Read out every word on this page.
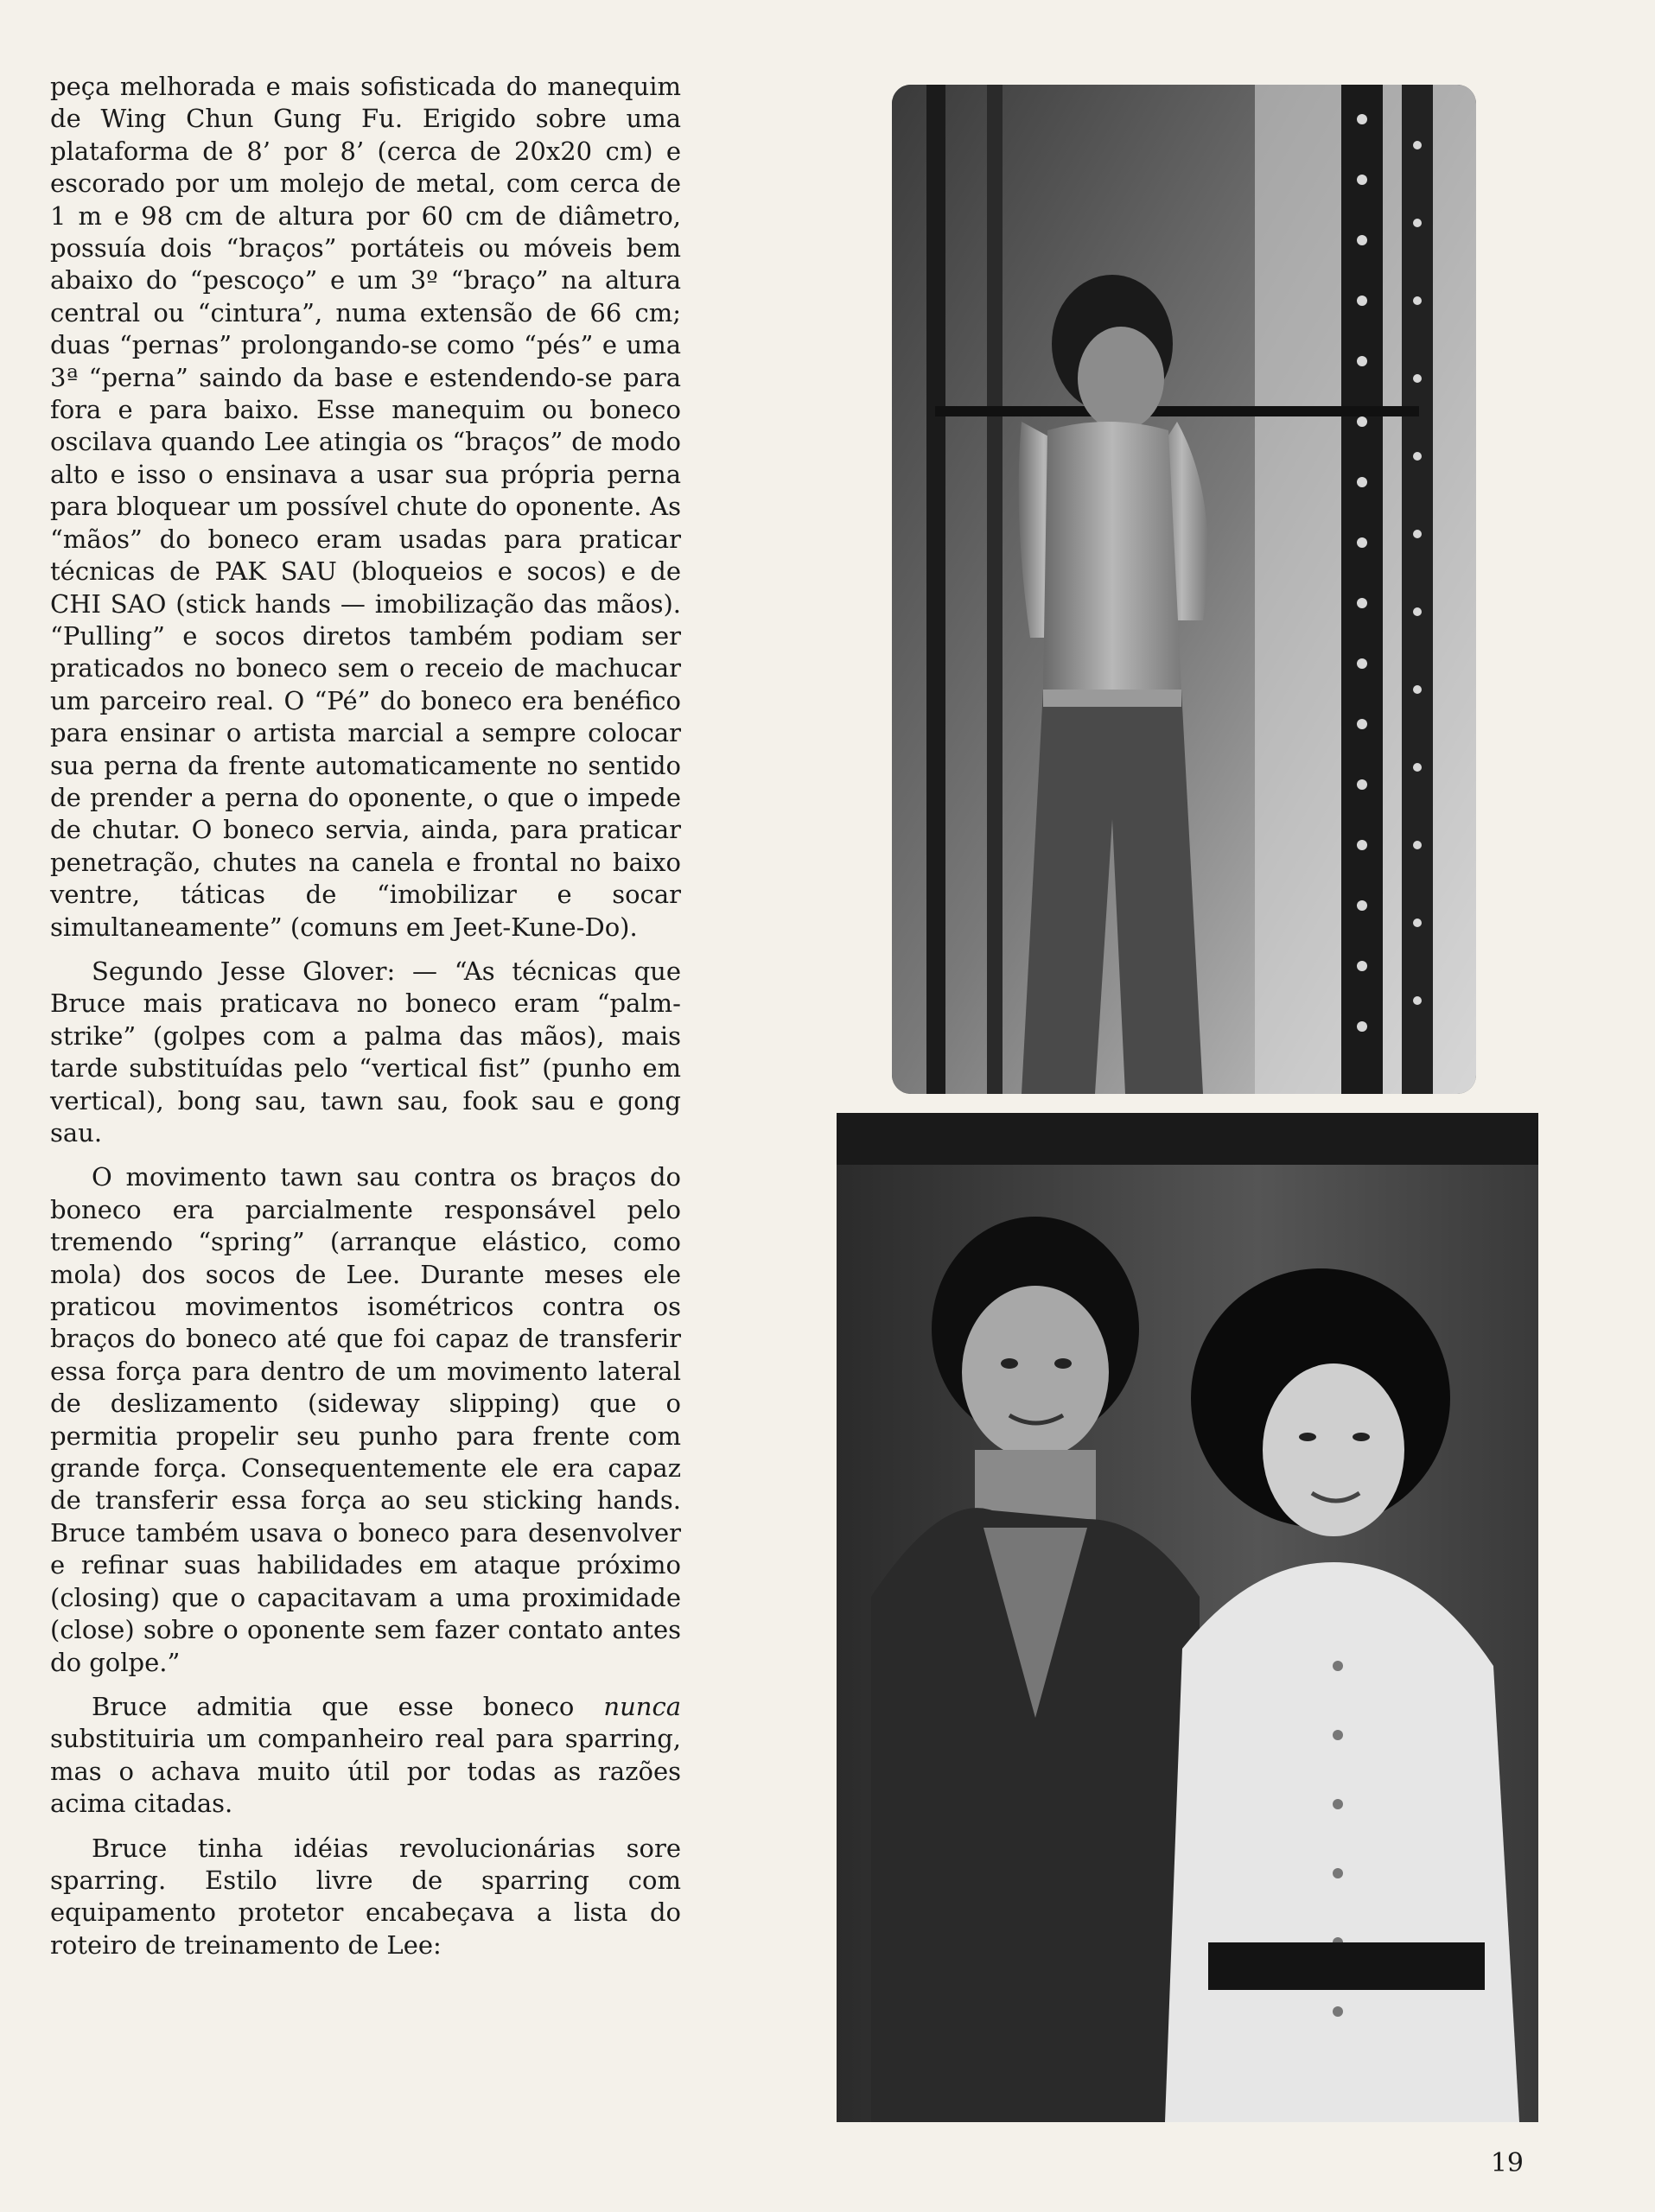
peça melhorada e mais sofisticada do manequim de Wing Chun Gung Fu. Erigido sobre uma plataforma de 8’ por 8’ (cerca de 20x20 cm) e escorado por um molejo de metal, com cerca de 1 m e 98 cm de altura por 60 cm de diâmetro, possuía dois “braços” portáteis ou móveis bem abaixo do “pescoço” e um 3º “braço” na altura central ou “cintura”, numa extensão de 66 cm; duas “pernas” prolongando-se como “pés” e uma 3ª “perna” saindo da base e estendendo-se para fora e para baixo. Esse manequim ou boneco oscilava quando Lee atingia os “braços” de modo alto e isso o ensinava a usar sua própria perna para bloquear um possível chute do oponente. As “mãos” do boneco eram usadas para praticar técnicas de PAK SAU (bloqueios e socos) e de CHI SAO (stick hands — imobilização das mãos). “Pulling” e socos diretos também podiam ser praticados no boneco sem o receio de machucar um parceiro real. O “Pé” do boneco era benéfico para ensinar o artista marcial a sempre colocar sua perna da frente automaticamente no sentido de prender a perna do oponente, o que o impede de chutar. O boneco servia, ainda, para praticar penetração, chutes na canela e frontal no baixo ventre, táticas de “imobilizar e socar simultaneamente” (comuns em Jeet-Kune-Do).

Segundo Jesse Glover: — “As técnicas que Bruce mais praticava no boneco eram “palm-strike” (golpes com a palma das mãos), mais tarde substituídas pelo “vertical fist” (punho em vertical), bong sau, tawn sau, fook sau e gong sau.

O movimento tawn sau contra os braços do boneco era parcialmente responsável pelo tremendo “spring” (arranque elástico, como mola) dos socos de Lee. Durante meses ele praticou movimentos isométricos contra os braços do boneco até que foi capaz de transferir essa força para dentro de um movimento lateral de deslizamento (sideway slipping) que o permitia propelir seu punho para frente com grande força. Consequentemente ele era capaz de transferir essa força ao seu sticking hands. Bruce também usava o boneco para desenvolver e refinar suas habilidades em ataque próximo (closing) que o capacitavam a uma proximidade (close) sobre o oponente sem fazer contato antes do golpe.”

Bruce admitia que esse boneco nunca substituiria um companheiro real para sparring, mas o achava muito útil por todas as razões acima citadas.

Bruce tinha idéias revolucionárias sore sparring. Estilo livre de sparring com equipamento protetor encabeçava a lista do roteiro de treinamento de Lee:

19
